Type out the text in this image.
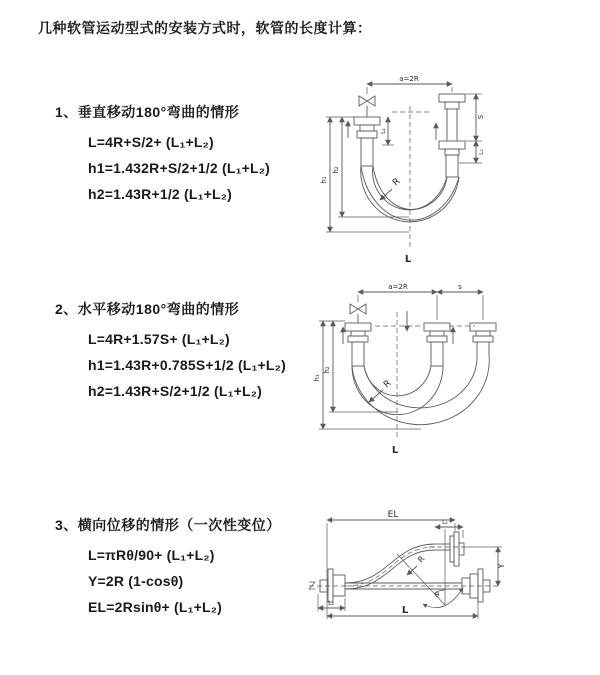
几种软管运动型式的安装方式时，软管的长度计算：
1、垂直移动180°弯曲的情形
L=4R+S/2+ (L₁+L₂)
h1=1.432R+S/2+1/2 (L₁+L₂)
h2=1.43R+1/2 (L₁+L₂)
2、水平移动180°弯曲的情形
L=4R+1.57S+ (L₁+L₂)
h1=1.43R+0.785S+1/2 (L₁+L₂)
h2=1.43R+S/2+1/2 (L₁+L₂)
3、横向位移的情形（一次性变位）
L=πRθ/90+ (L₁+L₂)
Y=2R (1-cosθ)
EL=2Rsinθ+ (L₁+L₂)
a=2R
L
h₁
h₂
L₁
S
L₂
R
a=2R	s
L
h₁
h₂
R
EL
L₁
Y
θ
R
L₂
L
